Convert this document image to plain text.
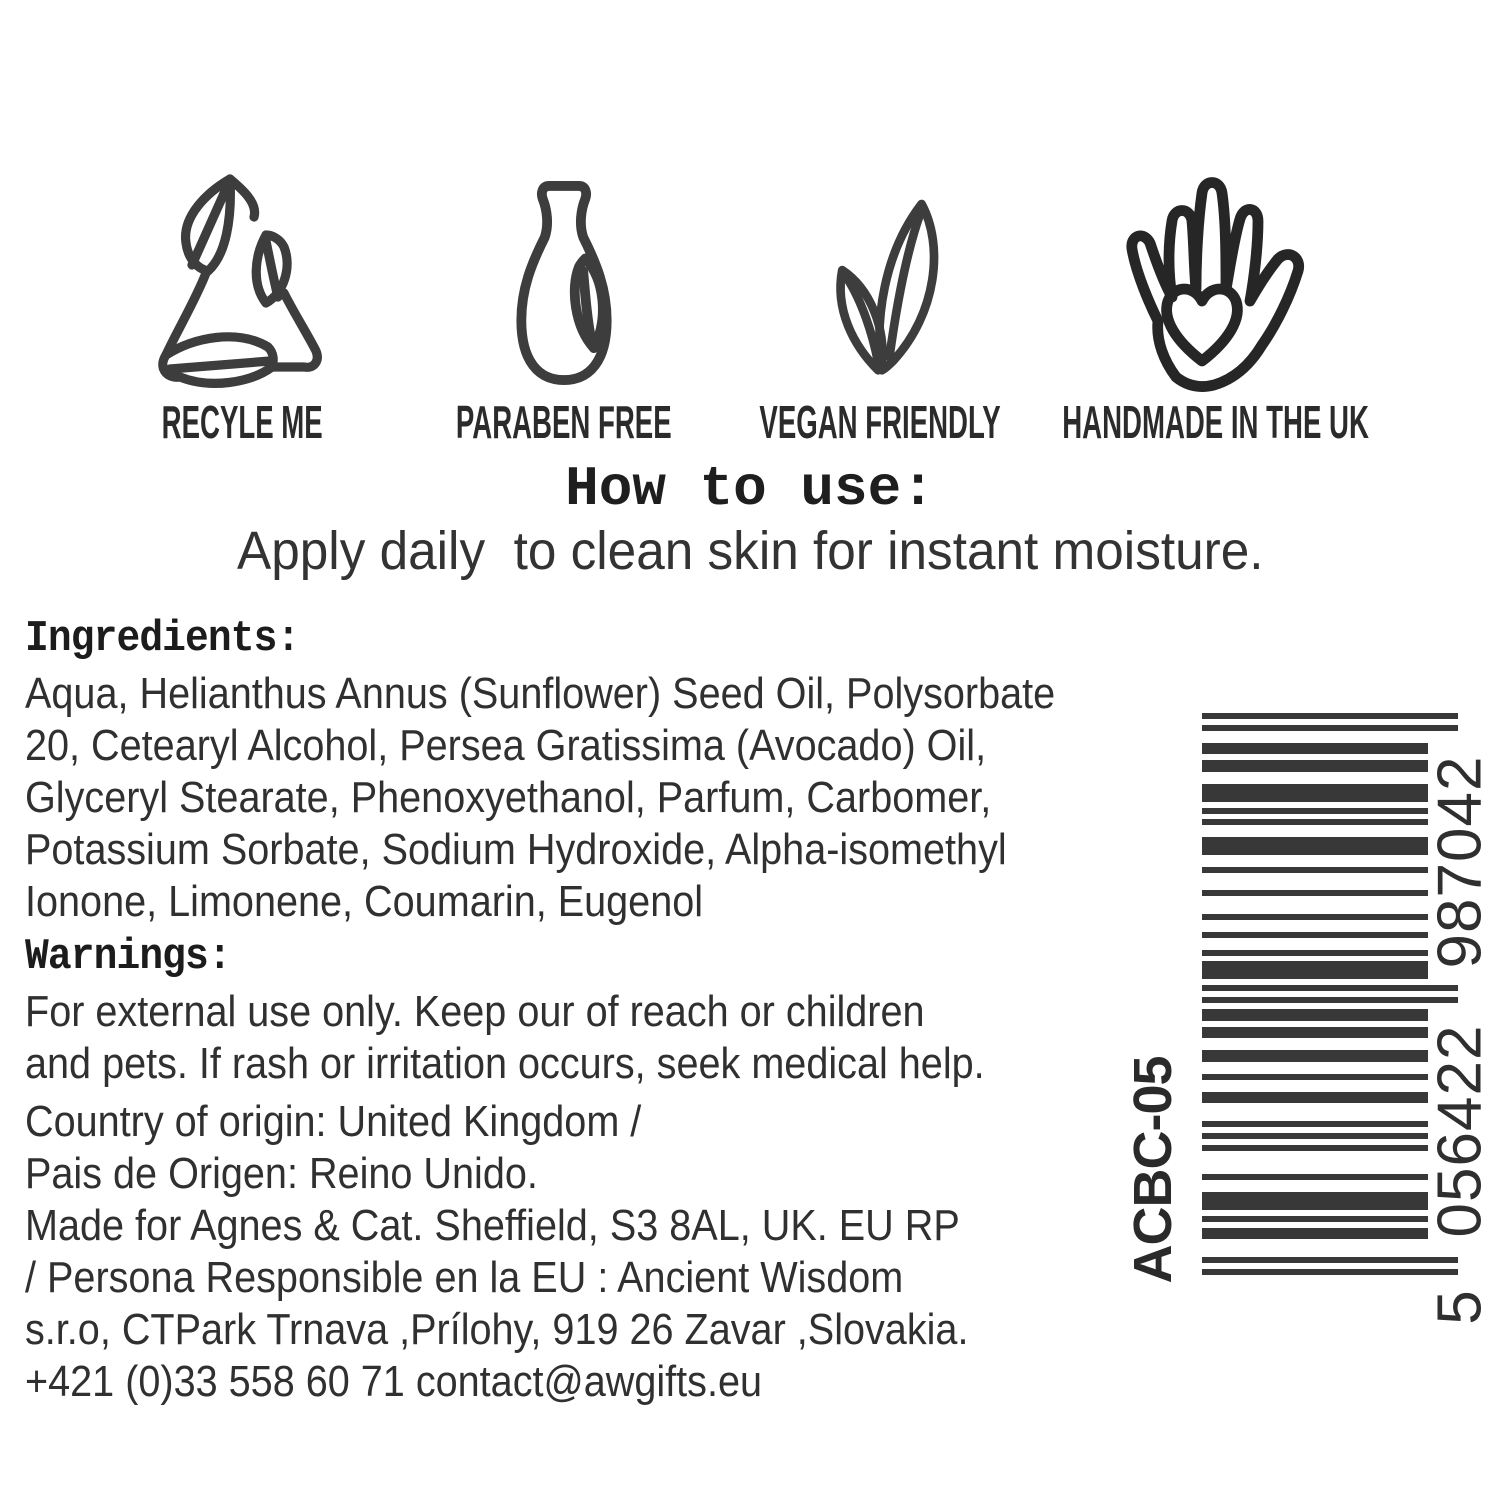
RECYLE ME	PARABEN FREE VEGAN FRIENDLY HANDMADE IN THE UK
How to use:
Apply daily  to clean skin for instant moisture.
Ingredients:
Aqua, Helianthus Annus (Sunflower) Seed Oil, Polysorbate
20, Cetearyl Alcohol, Persea Gratissima (Avocado) Oil,
Glyceryl Stearate, Phenoxyethanol, Parfum, Carbomer,
Potassium Sorbate, Sodium Hydroxide, Alpha-isomethyl
Ionone, Limonene, Coumarin, Eugenol
Warnings:
For external use only. Keep our of reach or children
and pets. If rash or irritation occurs, seek medical help.
Country of origin: United Kingdom /
Pais de Origen: Reino Unido.
Made for Agnes & Cat. Sheffield, S3 8AL, UK. EU RP
/ Persona Responsible en la EU : Ancient Wisdom
s.r.o, CTPark Trnava ,Prílohy, 919 26 Zavar ,Slovakia.
+421 (0)33 558 60 71 contact@awgifts.eu
5
056422
987042
ACBC-05
